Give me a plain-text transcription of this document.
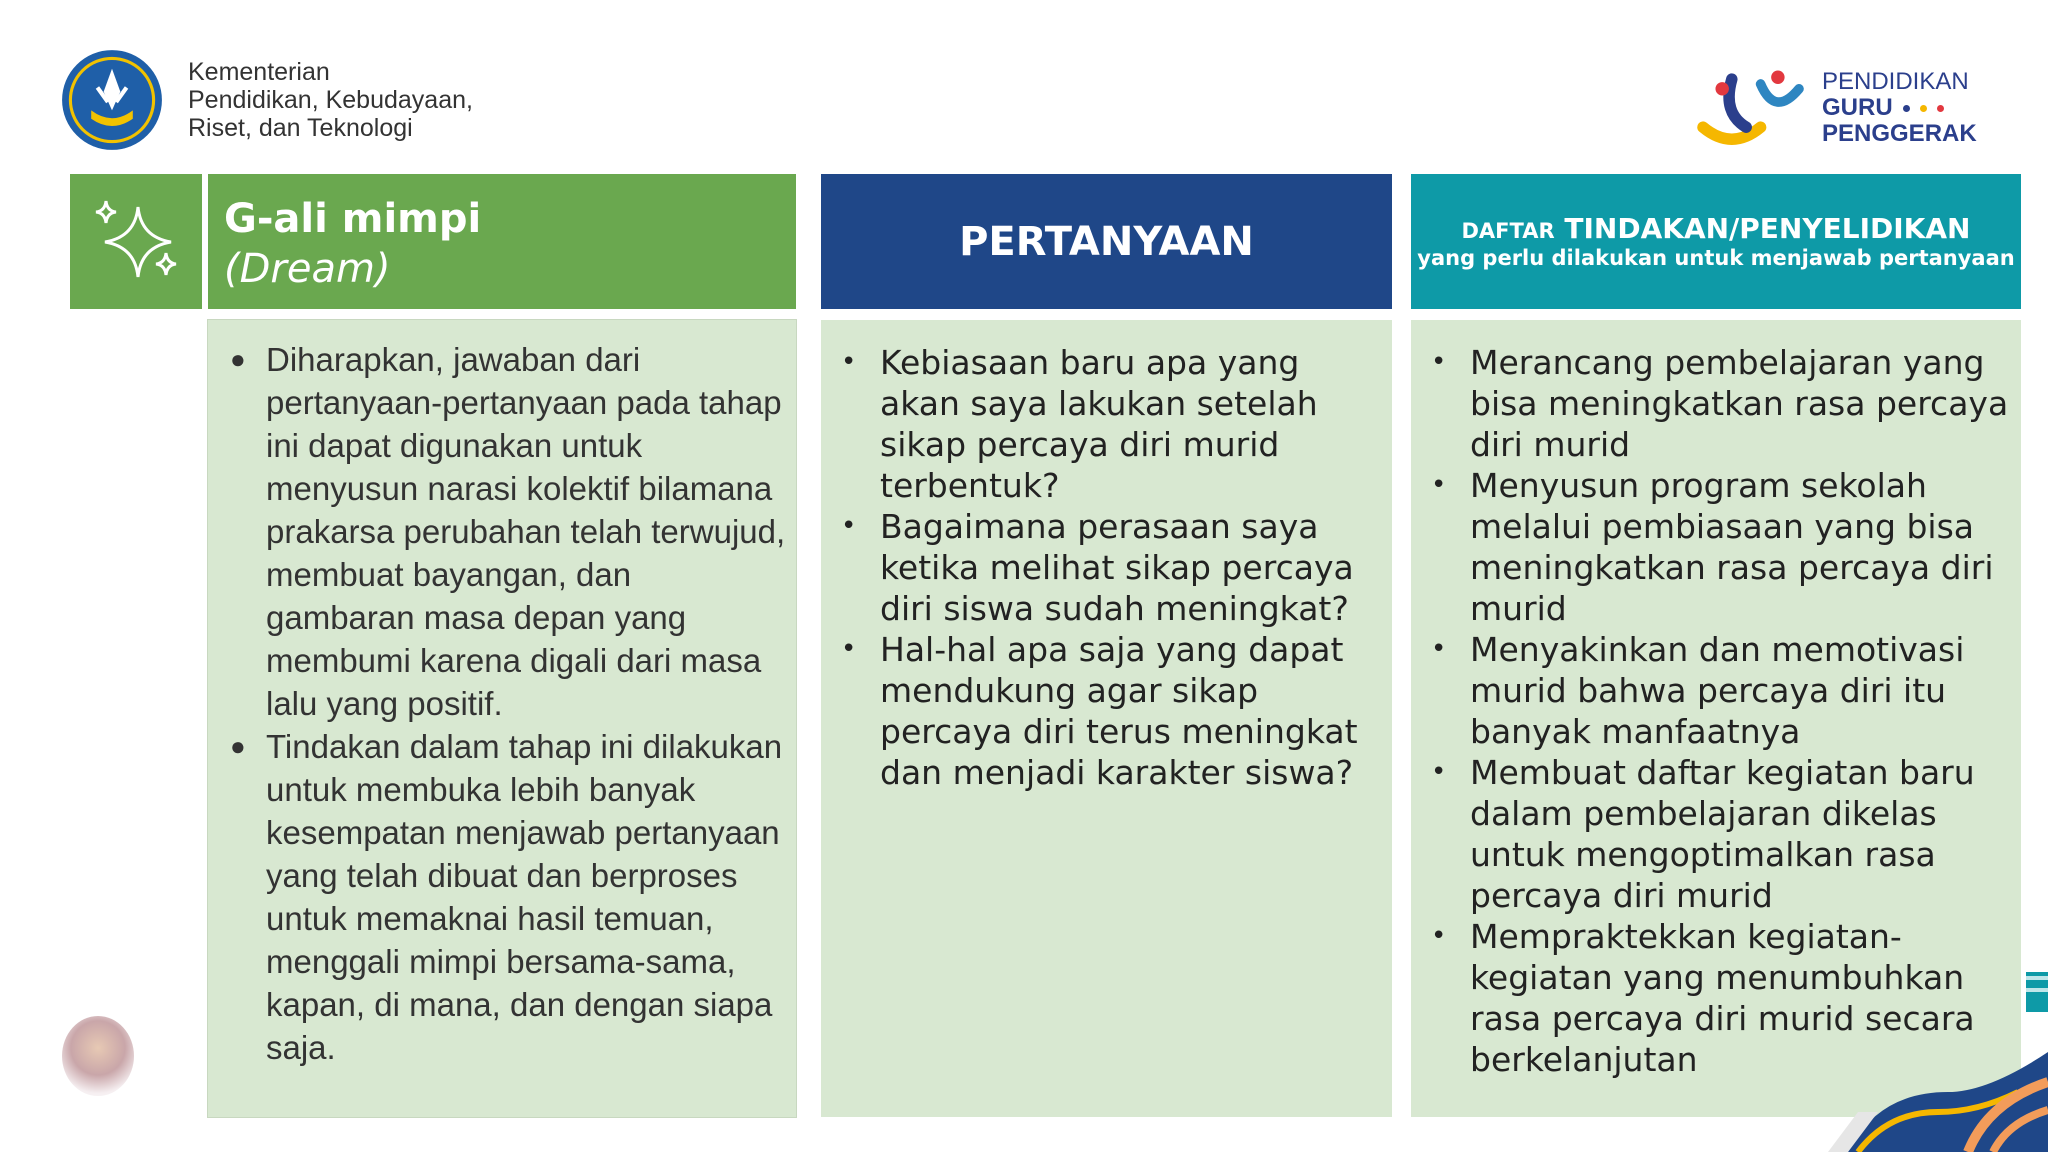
Kementerian
Pendidikan, Kebudayaan,
Riset, dan Teknologi
PENDIDIKAN
GURU
PENGGERAK
G-ali mimpi
(Dream)
PERTANYAAN	DAFTAR TINDAKAN/PENYELIDIKAN
yang perlu dilakukan untuk menjawab pertanyaan
● Diharapkan, jawaban dari pertanyaan-pertanyaan pada tahap ini dapat digunakan untuk menyusun narasi kolektif bilamana prakarsa perubahan telah terwujud, membuat bayangan, dan gambaran masa depan yang membumi karena digali dari masa lalu yang positif.
● Tindakan dalam tahap ini dilakukan untuk membuka lebih banyak kesempatan menjawab pertanyaan yang telah dibuat dan berproses untuk memaknai hasil temuan, menggali mimpi bersama-sama, kapan, di mana, dan dengan siapa saja.
• Kebiasaan baru apa yang akan saya lakukan setelah sikap percaya diri murid terbentuk?
• Bagaimana perasaan saya ketika melihat sikap percaya diri siswa sudah meningkat?
• Hal-hal apa saja yang dapat mendukung agar sikap percaya diri terus meningkat dan menjadi karakter siswa?
• Merancang pembelajaran yang bisa meningkatkan rasa percaya diri murid
• Menyusun program sekolah melalui pembiasaan yang bisa meningkatkan rasa percaya diri murid
• Menyakinkan dan memotivasi murid bahwa percaya diri itu banyak manfaatnya
• Membuat daftar kegiatan baru dalam pembelajaran dikelas untuk mengoptimalkan rasa percaya diri murid
• Mempraktekkan kegiatan-kegiatan yang menumbuhkan rasa percaya diri murid secara berkelanjutan
